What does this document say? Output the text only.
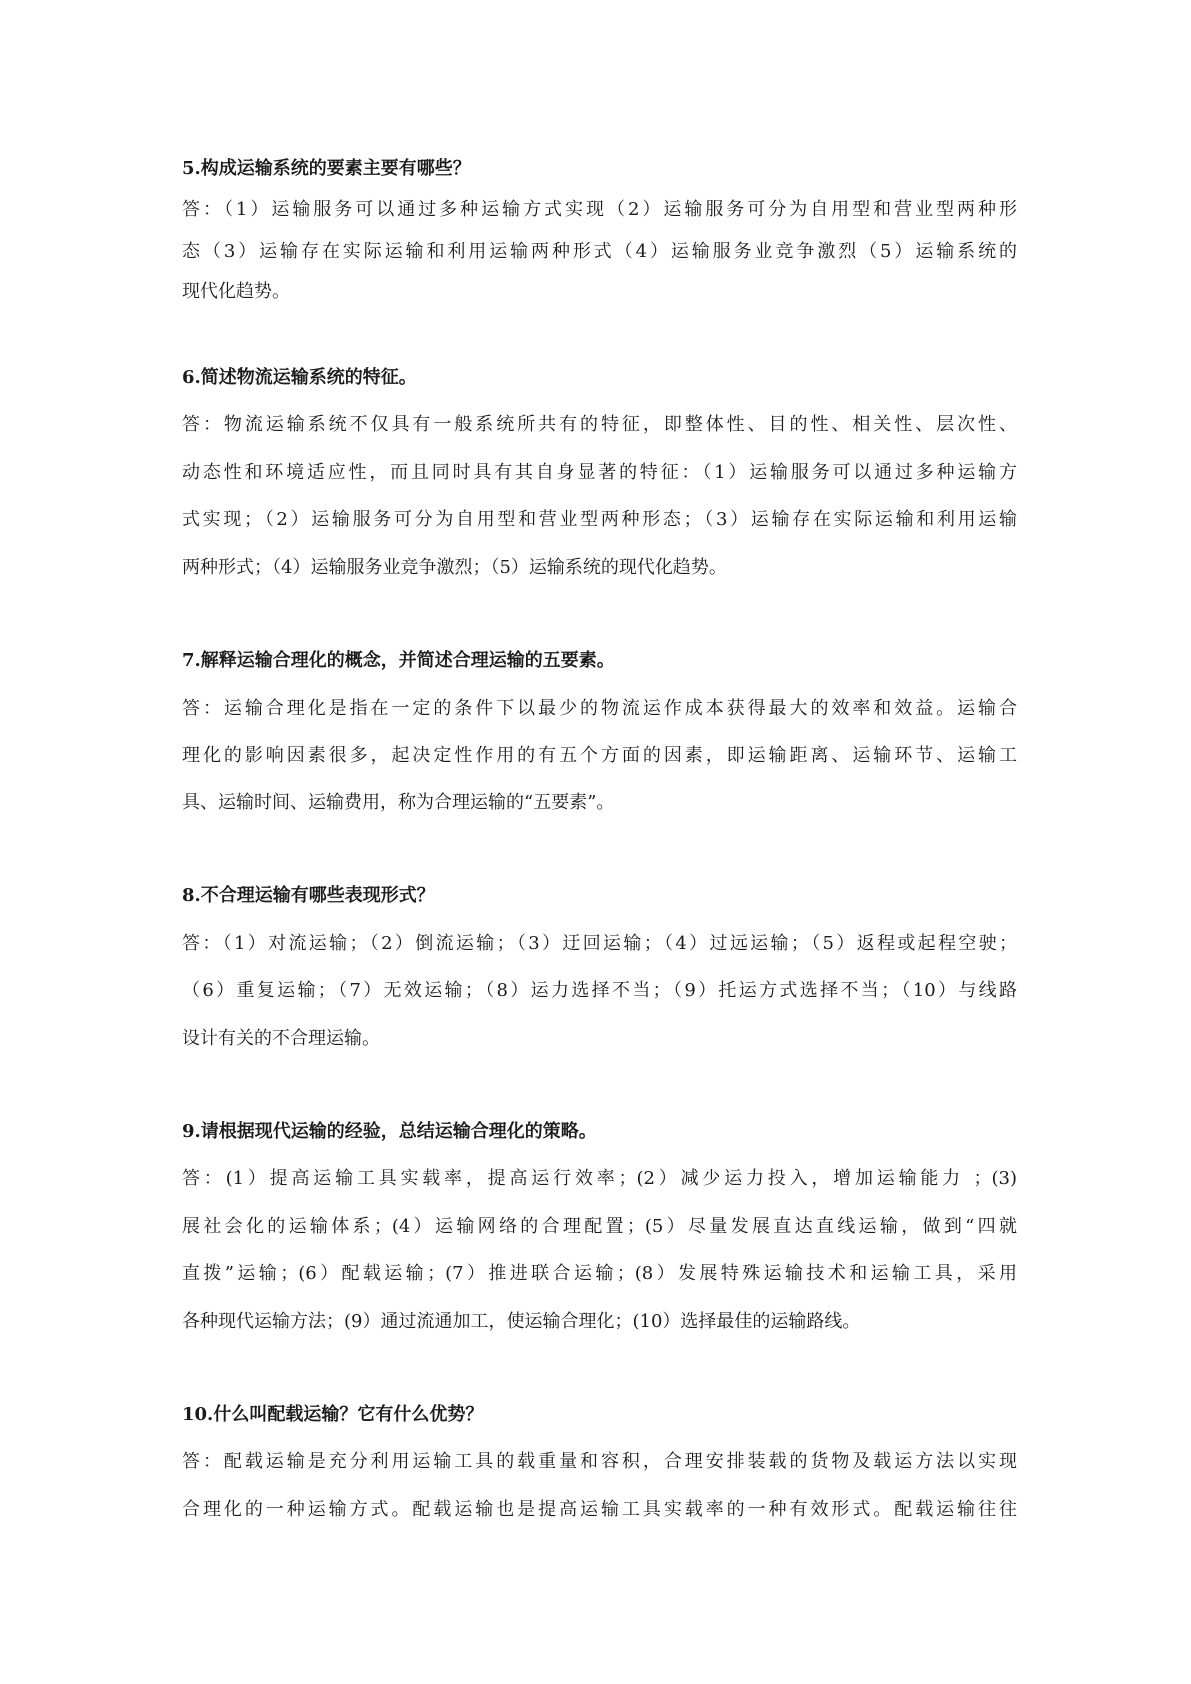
5.构成运输系统的要素主要有哪些？
答：（1）运输服务可以通过多种运输方式实现（2）运输服务可分为自用型和营业型两种形
态（3）运输存在实际运输和利用运输两种形式（4）运输服务业竞争激烈（5）运输系统的
现代化趋势。
6.简述物流运输系统的特征。
答：物流运输系统不仅具有一般系统所共有的特征，即整体性、目的性、相关性、层次性、
动态性和环境适应性，而且同时具有其自身显著的特征：（1）运输服务可以通过多种运输方
式实现；（2）运输服务可分为自用型和营业型两种形态；（3）运输存在实际运输和利用运输
两种形式；（4）运输服务业竞争激烈；（5）运输系统的现代化趋势。
7.解释运输合理化的概念，并简述合理运输的五要素。
答：运输合理化是指在一定的条件下以最少的物流运作成本获得最大的效率和效益。运输合
理化的影响因素很多，起决定性作用的有五个方面的因素，即运输距离、运输环节、运输工
具、运输时间、运输费用，称为合理运输的“五要素”。
8.不合理运输有哪些表现形式？
答：（1）对流运输；（2）倒流运输；（3）迂回运输；（4）过远运输；（5）返程或起程空驶；
（6）重复运输；（7）无效运输；（8）运力选择不当；（9）托运方式选择不当；（10）与线路
设计有关的不合理运输。
9.请根据现代运输的经验，总结运输合理化的策略。
答：(1）提高运输工具实载率，提高运行效率；(2）减少运力投入，增加运输能力 ；(3)
展社会化的运输体系；(4）运输网络的合理配置；(5）尽量发展直达直线运输，做到“四就
直拨”运输；(6）配载运输；(7）推进联合运输；(8）发展特殊运输技术和运输工具，采用
各种现代运输方法；(9）通过流通加工，使运输合理化；(10）选择最佳的运输路线。
10.什么叫配载运输？它有什么优势？
答：配载运输是充分利用运输工具的载重量和容积，合理安排装载的货物及载运方法以实现
合理化的一种运输方式。配载运输也是提高运输工具实载率的一种有效形式。配载运输往往
